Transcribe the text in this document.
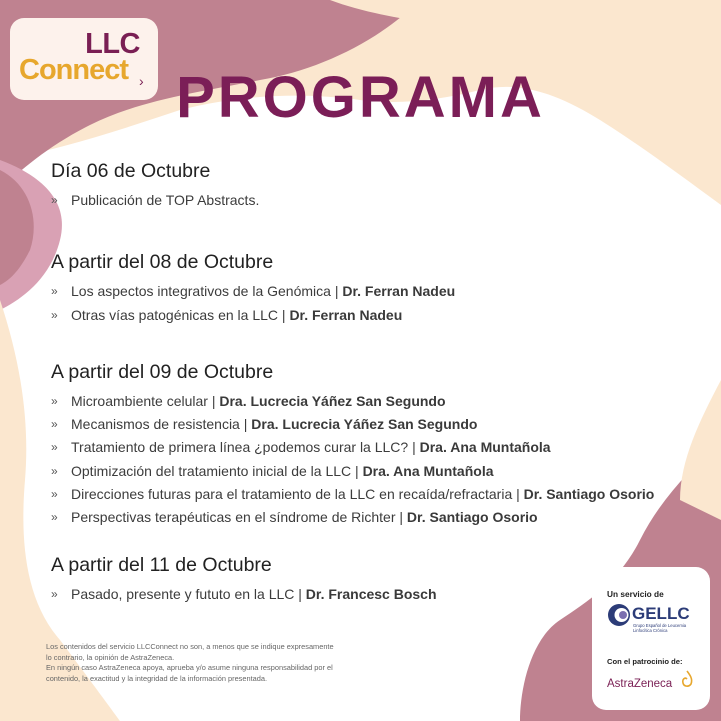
LLC
Connect › PROGRAMA
Día 06 de Octubre
» Publicación de TOP Abstracts.
A partir del 08 de Octubre
» Los aspectos integrativos de la Genómica | Dr. Ferran Nadeu
» Otras vías patogénicas en la LLC | Dr. Ferran Nadeu
A partir del 09 de Octubre
» Microambiente celular | Dra. Lucrecia Yáñez San Segundo
» Mecanismos de resistencia | Dra. Lucrecia Yáñez San Segundo
» Tratamiento de primera línea ¿podemos curar la LLC? | Dra. Ana Muntañola
» Optimización del tratamiento inicial de la LLC | Dra. Ana Muntañola
» Direcciones futuras para el tratamiento de la LLC en recaída/refractaria | Dr. Santiago Osorio
» Perspectivas terapéuticas en el síndrome de Richter | Dr. Santiago Osorio
A partir del 11 de Octubre
» Pasado, presente y fututo en la LLC | Dr. Francesc Bosch
Los contenidos del servicio LLCConnect no son, a menos que se indique expresamente
lo contrario, la opinión de AstraZeneca.
En ningún caso AstraZeneca apoya, aprueba y/o asume ninguna responsabilidad por el
contenido, la exactitud y la integridad de la información presentada.
Un servicio de
GELLC
Grupo Español de Leucemia Linfocítica Crónica
Con el patrocinio de:
AstraZeneca
